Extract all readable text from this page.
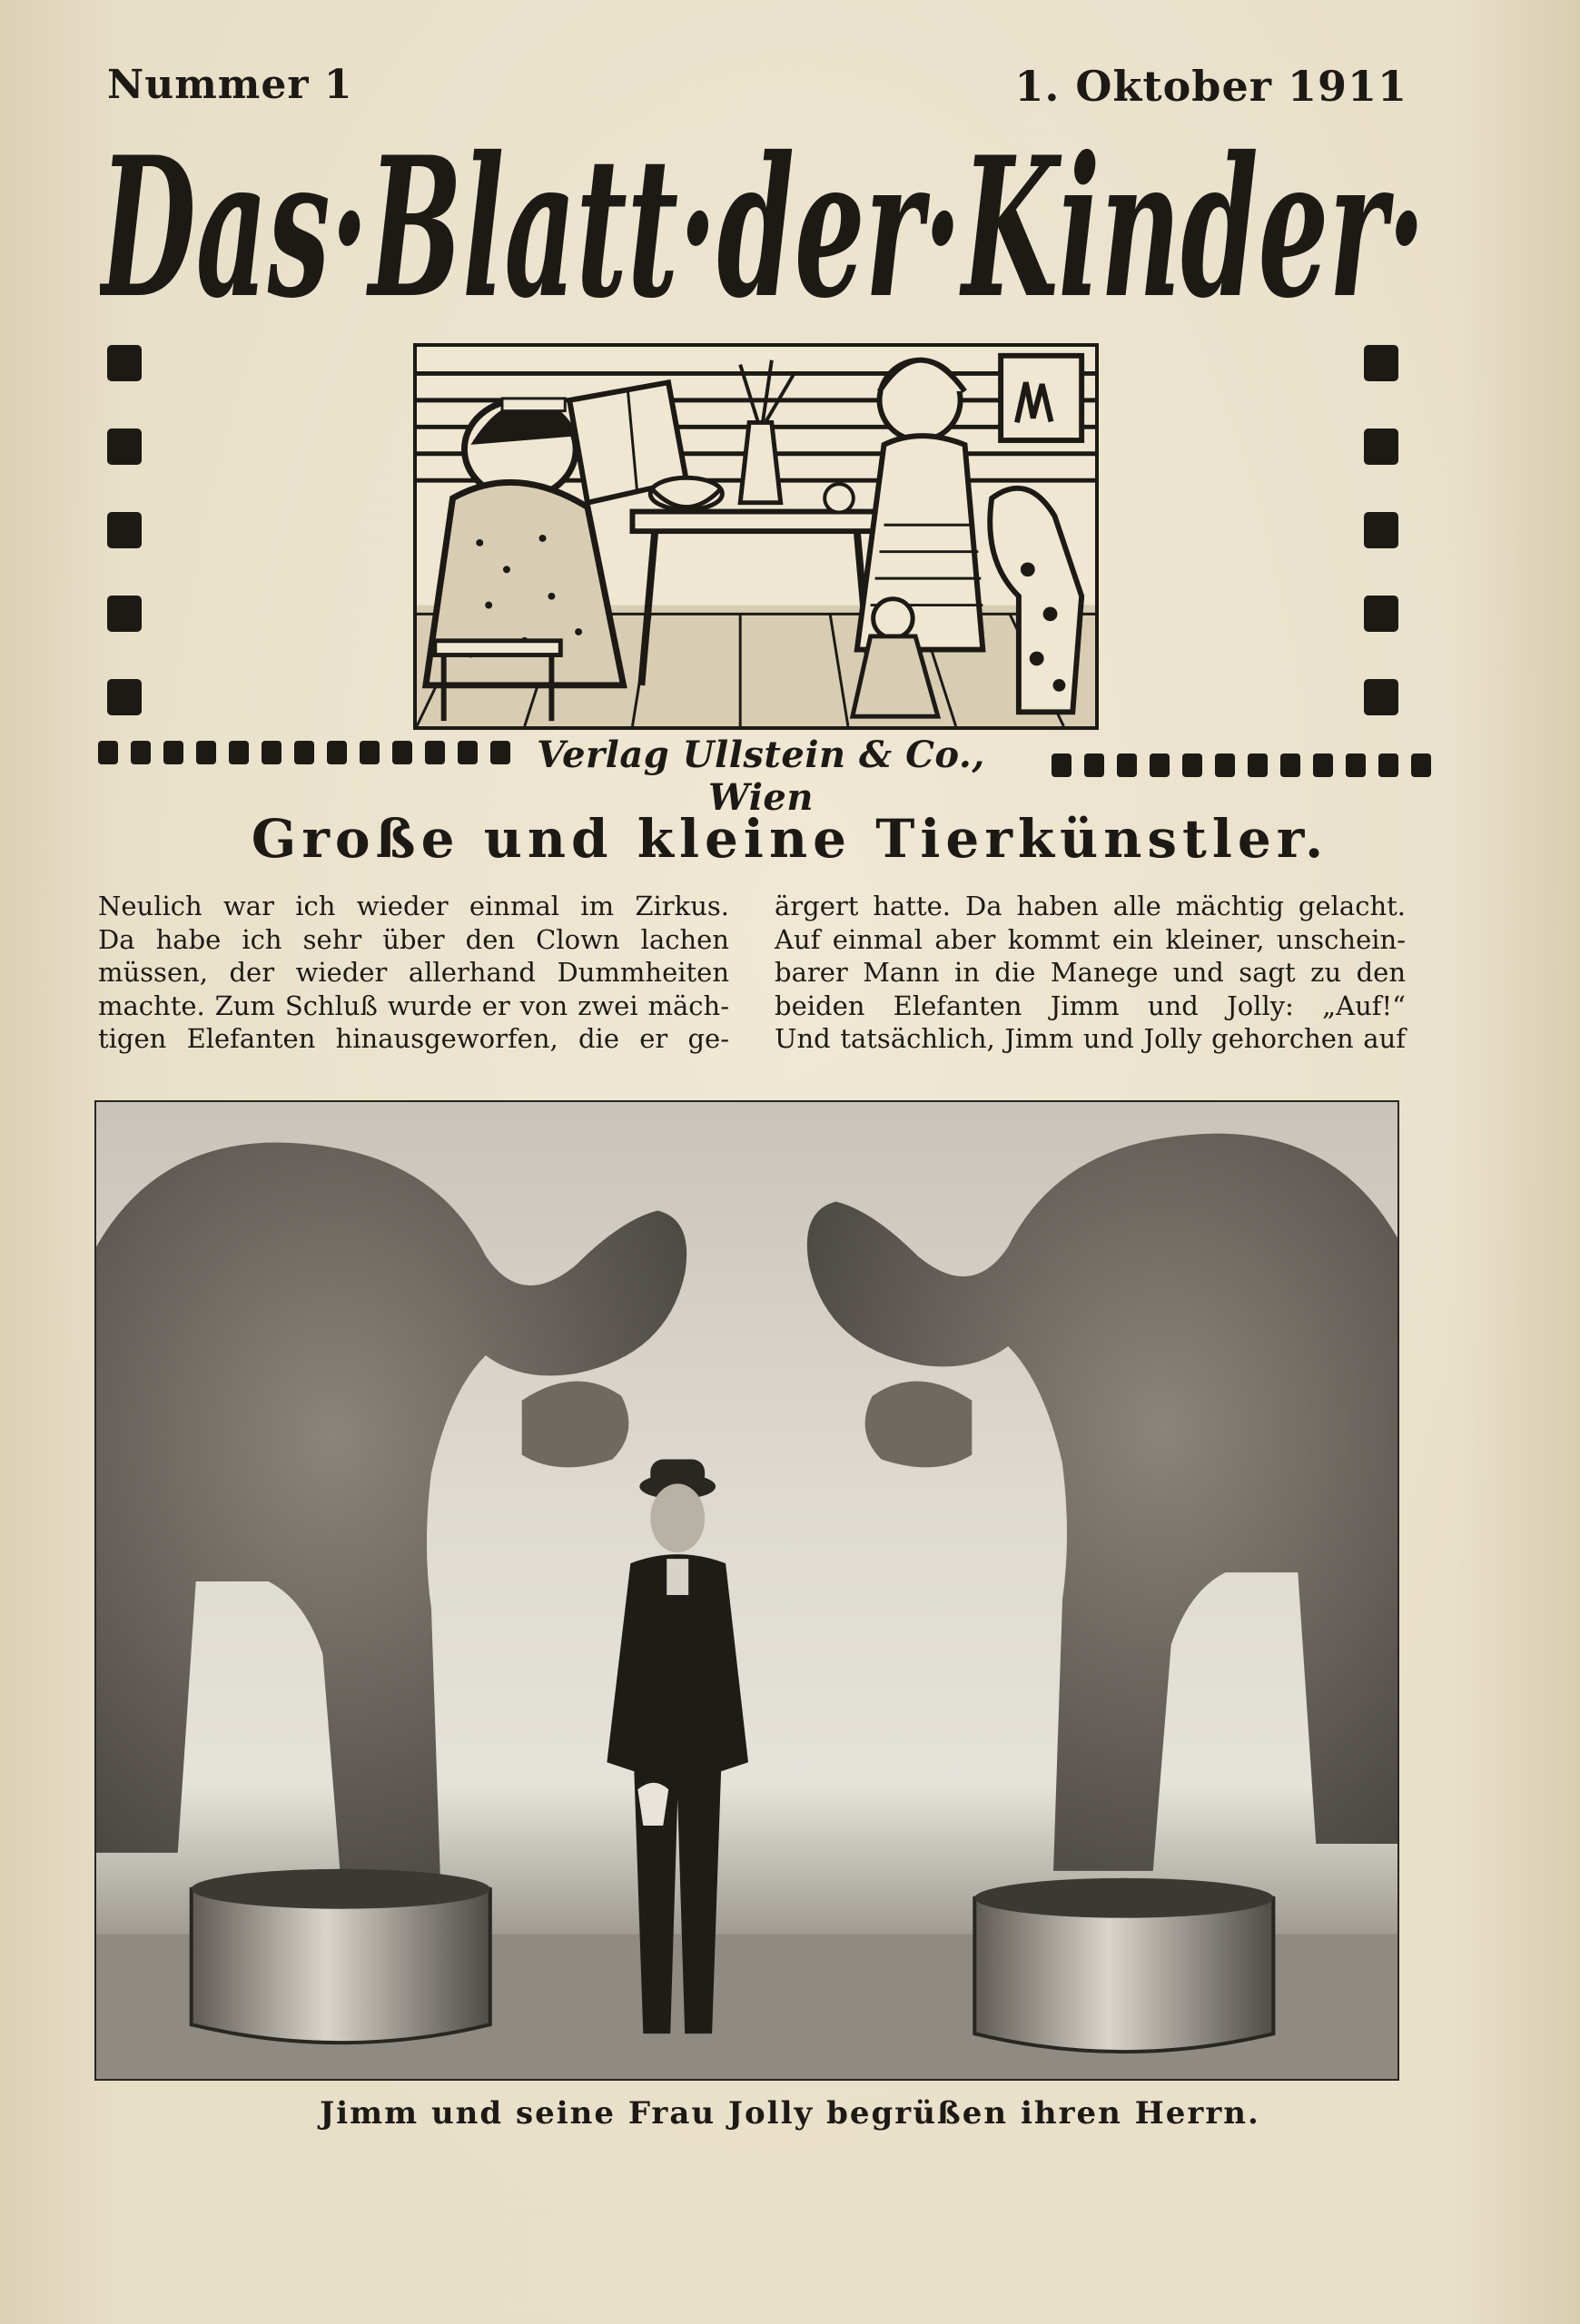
Nummer 1	1. Oktober 1911
Das·Blatt·der·Kinder·
Verlag Ullstein & Co., Wien
Große und kleine Tierkünstler.

Neulich war ich wieder einmal im Zirkus.

Da habe ich sehr über den Clown lachen

müssen, der wieder allerhand Dummheiten

machte. Zum Schluß wurde er von zwei mäch-

tigen Elefanten hinausgeworfen, die er ge-

ärgert hatte. Da haben alle mächtig gelacht.

Auf einmal aber kommt ein kleiner, unschein-

barer Mann in die Manege und sagt zu den

beiden Elefanten Jimm und Jolly: „Auf!“

Und tatsächlich, Jimm und Jolly gehorchen auf

Jimm und seine Frau Jolly begrüßen ihren Herrn.
